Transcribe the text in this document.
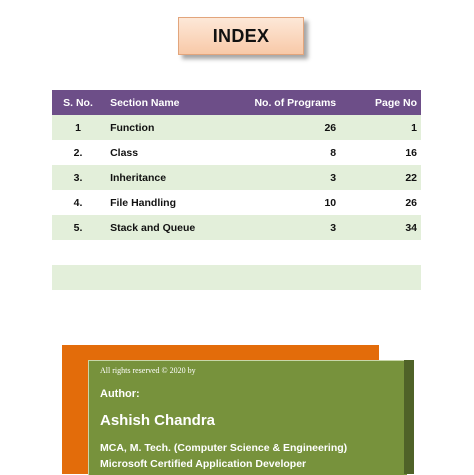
INDEX
S. No.	Section Name	No. of Programs	Page No
1	Function	26	1
2.	Class	8	16
3.	Inheritance	3	22
4.	File Handling	10	26
5.	Stack and Queue	3	34

All rights reserved © 2020 by
Author:
Ashish Chandra
MCA, M. Tech. (Computer Science & Engineering)
Microsoft Certified Application Developer
